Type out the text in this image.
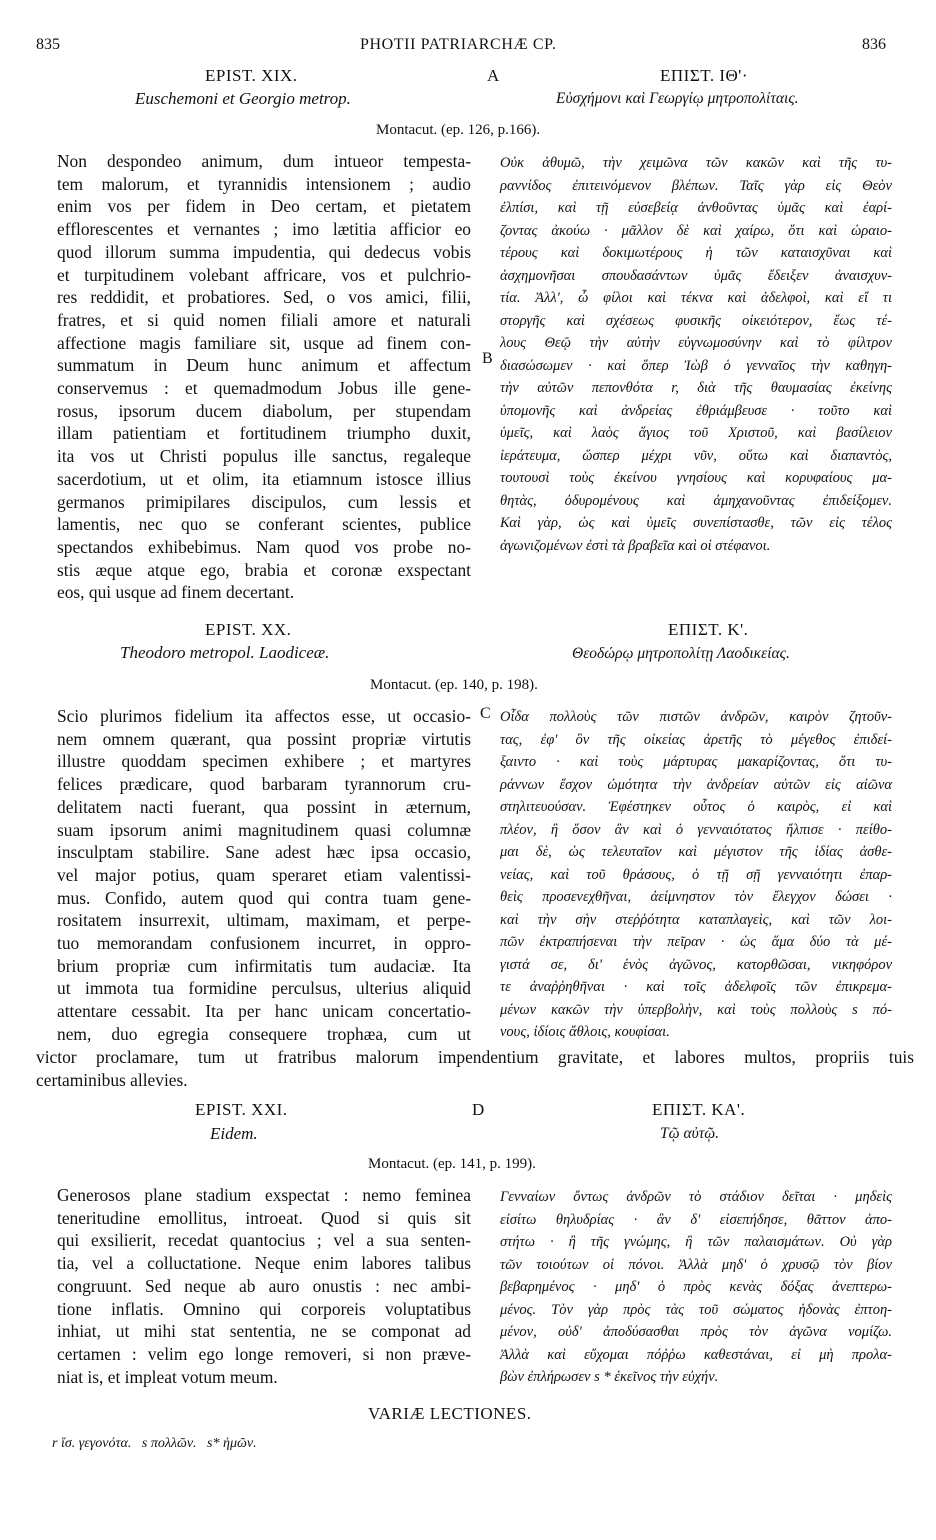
835	PHOTII PATRIARCHÆ CP.	836
EPIST. XIX.	A	ΕΠΙΣΤ. ΙΘ'·
Euschemoni et Georgio metrop.	Εὐσχήμονι καὶ Γεωργίῳ μητροπολίταις.
Montacut. (ep. 126, p.166).
Non despondeo animum, dum intueor tempesta-
tem malorum, et tyrannidis intensionem ; audio
enim vos per fidem in Deo certam, et pietatem
efflorescentes et vernantes ; imo lætitia afficior eo
quod illorum summa impudentia, qui dedecus vobis
et turpitudinem volebant affricare, vos et pulchrio-
res reddidit, et probatiores. Sed, o vos amici, filii,
fratres, et si quid nomen filiali amore et naturali
affectione magis familiare sit, usque ad finem con-
summatum in Deum hunc animum et affectum
conservemus : et quemadmodum Jobus ille gene-
rosus, ipsorum ducem diabolum, per stupendam
illam patientiam et fortitudinem triumpho duxit,
ita vos ut Christi populus ille sanctus, regaleque
sacerdotium, ut et olim, ita etiamnum istosce illius
germanos primipilares discipulos, cum lessis et
lamentis, nec quo se conferant scientes, publice
spectandos exhibebimus. Nam quod vos probe no-
stis æque atque ego, brabia et coronæ exspectant
eos, qui usque ad finem decertant.
B
Οὐκ ἀθυμῶ, τὴν χειμῶνα τῶν κακῶν καὶ τῆς τυ-
ραννίδος ἐπιτεινόμενον βλέπων. Ταῖς γὰρ εἰς Θεὸν
ἐλπίσι, καὶ τῇ εὐσεβείᾳ ἀνθοῦντας ὑμᾶς καὶ ἐαρί-
ζοντας ἀκούω · μᾶλλον δὲ καὶ χαίρω, ὅτι καὶ ὡραιο-
τέρους καὶ δοκιμωτέρους ἡ τῶν καταισχῦναι καὶ
ἀσχημονῆσαι σπουδασάντων ὑμᾶς ἔδειξεν ἀναισχυν-
τία. Ἀλλ', ὦ φίλοι καὶ τέκνα καὶ ἀδελφοὶ, καὶ εἴ τι
στοργῆς καὶ σχέσεως φυσικῆς οἰκειότερον, ἕως τέ-
λους Θεῷ τὴν αὐτὴν εὐγνωμοσύνην καὶ τὸ φίλτρον
διασώσωμεν · καὶ ὅπερ Ἰὼβ ὁ γενναῖος τὴν καθηγη-
τὴν αὐτῶν πεπονθότα r, διὰ τῆς θαυμασίας ἐκείνης
ὑπομονῆς καὶ ἀνδρείας ἐθριάμβευσε · τοῦτο καὶ
ὑμεῖς, καὶ λαὸς ἅγιος τοῦ Χριστοῦ, καὶ βασίλειον
ἱεράτευμα, ὥσπερ μέχρι νῦν, οὕτω καὶ διαπαντὸς,
τουτουσὶ τοὺς ἐκείνου γνησίους καὶ κορυφαίους μα-
θητὰς, ὀδυρομένους καὶ ἀμηχανοῦντας ἐπιδείξομεν.
Καὶ γὰρ, ὡς καὶ ὑμεῖς συνεπίστασθε, τῶν εἰς τέλος
ἀγωνιζομένων ἐστὶ τὰ βραβεῖα καὶ οἱ στέφανοι.
EPIST. XX.	ΕΠΙΣΤ. Κ'.
Theodoro metropol. Laodiceæ.	Θεοδώρῳ μητροπολίτῃ Λαοδικείας.
Montacut. (ep. 140, p. 198).
C
Scio plurimos fidelium ita affectos esse, ut occasio-
nem omnem quærant, qua possint propriæ virtutis
illustre quoddam specimen exhibere ; et martyres
felices prædicare, quod barbaram tyrannorum cru-
delitatem nacti fuerant, qua possint in æternum,
suam ipsorum animi magnitudinem quasi columnæ
insculptam stabilire. Sane adest hæc ipsa occasio,
vel major potius, quam speraret etiam valentissi-
mus. Confido, autem quod qui contra tuam gene-
rositatem insurrexit, ultimam, maximam, et perpe-
tuo memorandam confusionem incurret, in oppro-
brium propriæ cum infirmitatis tum audaciæ. Ita
ut immota tua formidine perculsus, ulterius aliquid
attentare cessabit. Ita per hanc unicam concertatio-
nem, duo egregia consequere trophæa, cum ut
Οἶδα πολλοὺς τῶν πιστῶν ἀνδρῶν, καιρὸν ζητοῦν-
τας, ἐφ' ὃν τῆς οἰκείας ἀρετῆς τὸ μέγεθος ἐπιδεί-
ξαιντο · καὶ τοὺς μάρτυρας μακαρίζοντας, ὅτι τυ-
ράννων ἔσχον ὠμότητα τὴν ἀνδρείαν αὐτῶν εἰς αἰῶνα
στηλιτευούσαν. Ἐφέστηκεν οὗτος ὁ καιρὸς, εἰ καὶ
πλέον, ἢ ὅσον ἂν καὶ ὁ γενναιότατος ἤλπισε · πείθο-
μαι δὲ, ὡς τελευταῖον καὶ μέγιστον τῆς ἰδίας ἀσθε-
νείας, καὶ τοῦ θράσους, ὁ τῇ σῇ γενναιότητι ἐπαρ-
θεὶς προσενεχθῆναι, ἀείμνηστον τὸν ἔλεγχον δώσει ·
καὶ τὴν σὴν στεῤῥότητα καταπλαγεὶς, καὶ τῶν λοι-
πῶν ἐκτραπήσεναι τὴν πεῖραν · ὡς ἅμα δύο τὰ μέ-
γιστά σε, δι' ἑνὸς ἀγῶνος, κατορθῶσαι, νικηφόρον
τε ἀναῤῥηθῆναι · καὶ τοῖς ἀδελφοῖς τῶν ἐπικρεμα-
μένων κακῶν τὴν ὑπερβολὴν, καὶ τοὺς πολλοὺς s πό-
νους, ἰδίοις ἄθλοις, κουφίσαι.
victor proclamare, tum ut fratribus malorum impendentium gravitate, et labores multos, propriis tuis
certaminibus allevies.
EPIST. XXI.	D	ΕΠΙΣΤ. ΚΑ'.
Eidem.	Τῷ αὐτῷ.
Montacut. (ep. 141, p. 199).
Generosos plane stadium exspectat : nemo feminea
teneritudine emollitus, introeat. Quod si quis sit
qui exsilierit, recedat quantocius ; vel a sua senten-
tia, vel a colluctatione. Neque enim labores talibus
congruunt. Sed neque ab auro onustis : nec ambi-
tione inflatis. Omnino qui corporeis voluptatibus
inhiat, ut mihi stat sententia, ne se componat ad
certamen : velim ego longe removeri, si non præve-
niat is, et impleat votum meum.
Γενναίων ὄντως ἀνδρῶν τὸ στάδιον δεῖται · μηδεὶς
εἰσίτω θηλυδρίας · ἂν δ' εἰσεπήδησε, θᾶττον ἀπο-
στήτω · ἢ τῆς γνώμης, ἢ τῶν παλαισμάτων. Οὐ γὰρ
τῶν τοιούτων οἱ πόνοι. Ἀλλὰ μηδ' ὁ χρυσῷ τὸν βίον
βεβαρημένος · μηδ' ὁ πρὸς κενὰς δόξας ἀνεπτερω-
μένος. Τὸν γὰρ πρὸς τὰς τοῦ σώματος ἡδονὰς ἐπτοη-
μένον, οὐδ' ἀποδύσασθαι πρὸς τὸν ἀγῶνα νομίζω.
Ἀλλὰ καὶ εὔχομαι πόῤῥω καθεστάναι, εἰ μὴ προλα-
βὼν ἐπλήρωσεν s * ἐκεῖνος τὴν εὐχήν.
VARIÆ LECTIONES.
r ἴσ. γεγονότα.   s πολλῶν.   s* ἡμῶν.
